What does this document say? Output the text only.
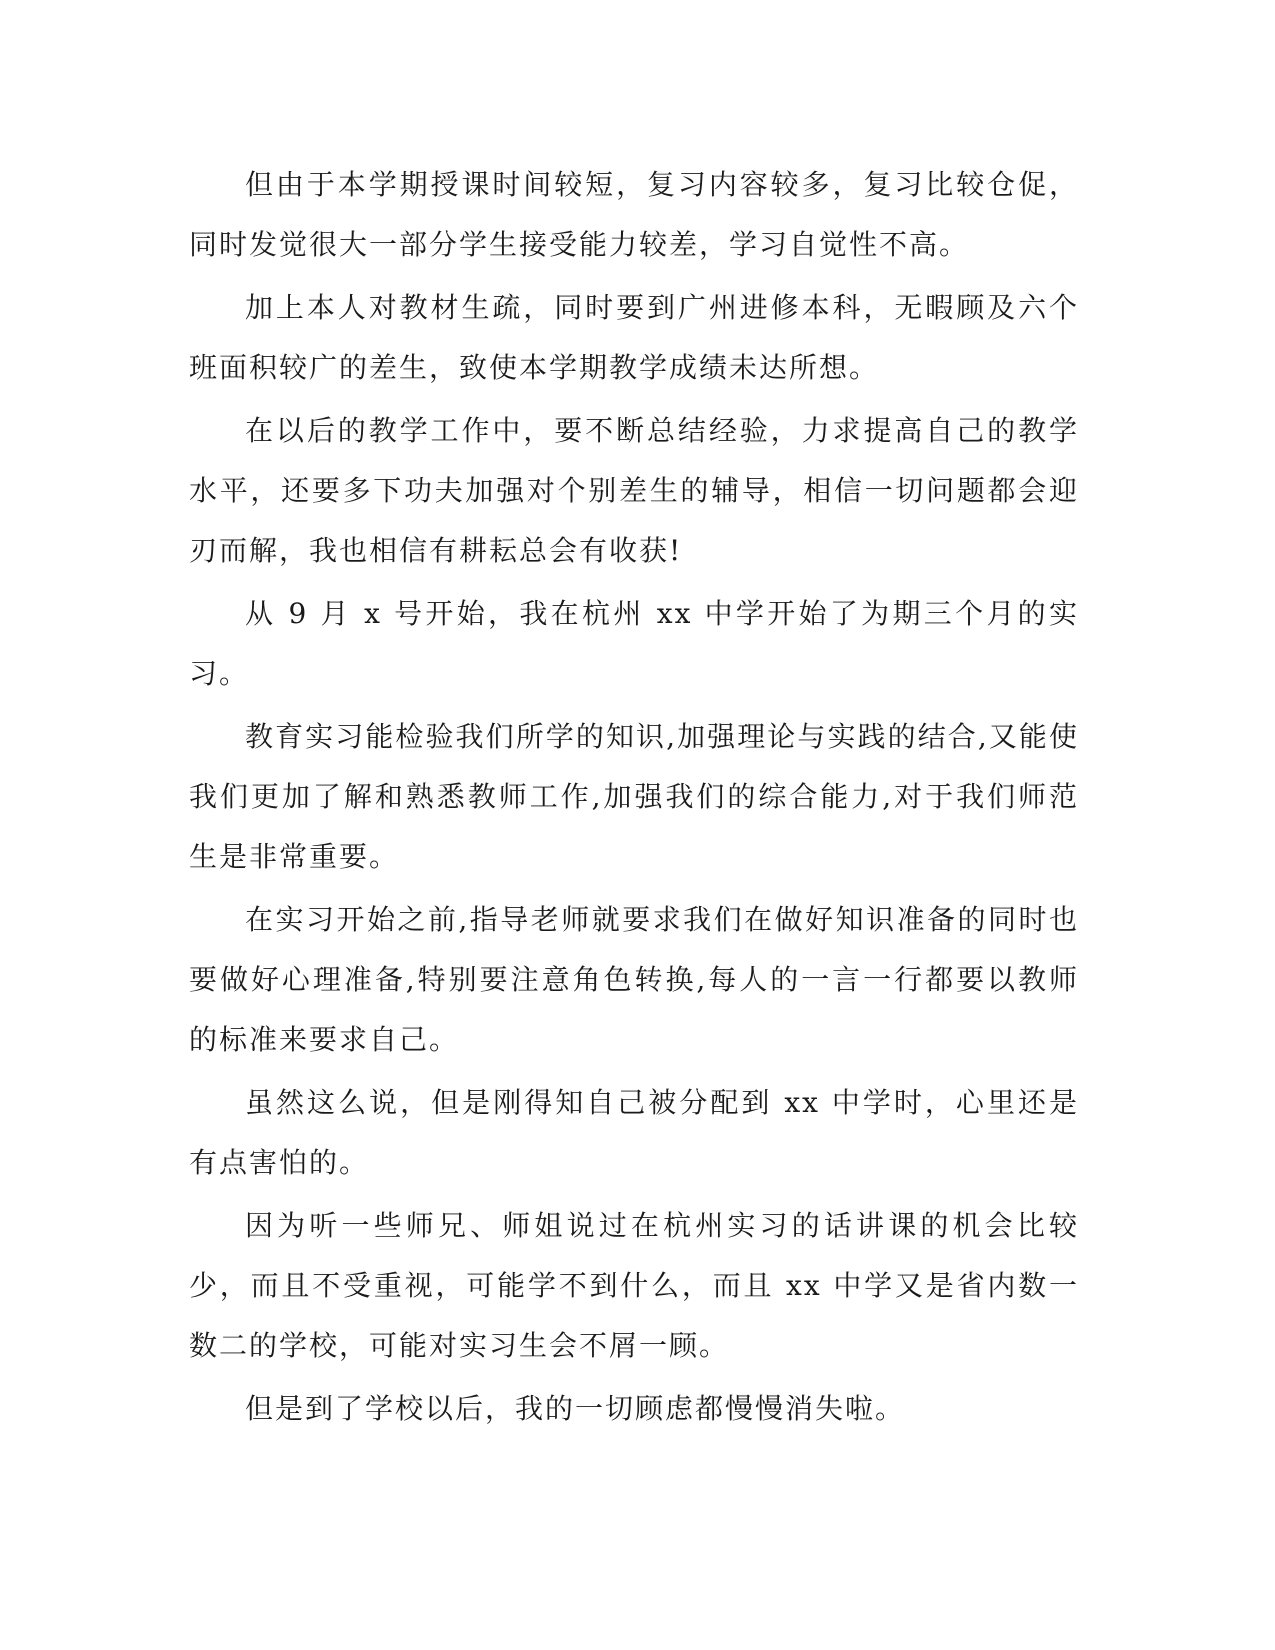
但由于本学期授课时间较短，复习内容较多，复习比较仓促，同时发觉很大一部分学生接受能力较差，学习自觉性不高。

加上本人对教材生疏，同时要到广州进修本科，无暇顾及六个班面积较广的差生，致使本学期教学成绩未达所想。

在以后的教学工作中，要不断总结经验，力求提高自己的教学水平，还要多下功夫加强对个别差生的辅导，相信一切问题都会迎刃而解，我也相信有耕耘总会有收获!

从 9 月 x 号开始，我在杭州 xx 中学开始了为期三个月的实习。

教育实习能检验我们所学的知识,加强理论与实践的结合,又能使我们更加了解和熟悉教师工作,加强我们的综合能力,对于我们师范生是非常重要。

在实习开始之前,指导老师就要求我们在做好知识准备的同时也要做好心理准备,特别要注意角色转换,每人的一言一行都要以教师的标准来要求自己。

虽然这么说，但是刚得知自己被分配到 xx 中学时，心里还是有点害怕的。

因为听一些师兄、师姐说过在杭州实习的话讲课的机会比较少，而且不受重视，可能学不到什么，而且 xx 中学又是省内数一数二的学校，可能对实习生会不屑一顾。

但是到了学校以后，我的一切顾虑都慢慢消失啦。
